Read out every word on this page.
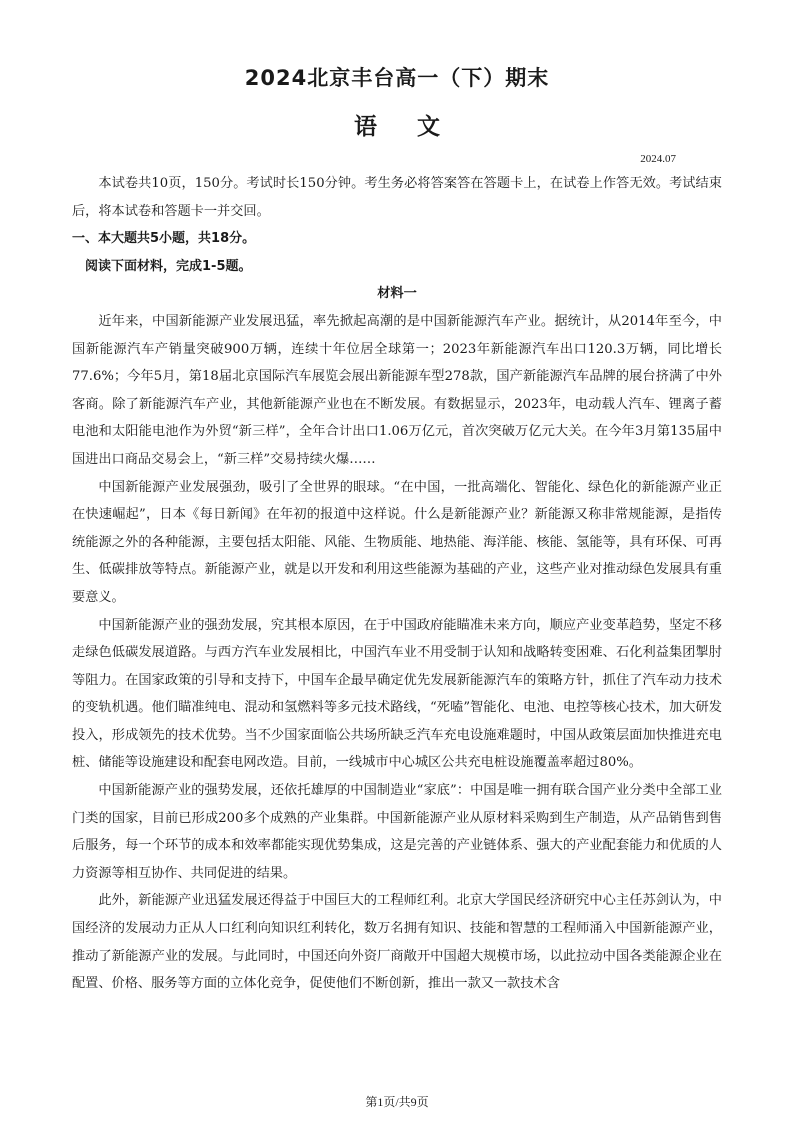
2024北京丰台高一（下）期末
语文
2024.07

本试卷共10页，150分。考试时长150分钟。考生务必将答案答在答题卡上，在试卷上作答无效。考试结束后，将本试卷和答题卡一并交回。

一、本大题共5小题，共18分。

阅读下面材料，完成1-5题。

材料一

近年来，中国新能源产业发展迅猛，率先掀起高潮的是中国新能源汽车产业。据统计，从2014年至今，中国新能源汽车产销量突破900万辆，连续十年位居全球第一；2023年新能源汽车出口120.3万辆，同比增长77.6%；今年5月，第18届北京国际汽车展览会展出新能源车型278款，国产新能源汽车品牌的展台挤满了中外客商。除了新能源汽车产业，其他新能源产业也在不断发展。有数据显示，2023年，电动载人汽车、锂离子蓄电池和太阳能电池作为外贸“新三样”，全年合计出口1.06万亿元，首次突破万亿元大关。在今年3月第135届中国进出口商品交易会上，“新三样”交易持续火爆……

中国新能源产业发展强劲，吸引了全世界的眼球。“在中国，一批高端化、智能化、绿色化的新能源产业正在快速崛起”，日本《每日新闻》在年初的报道中这样说。什么是新能源产业？新能源又称非常规能源，是指传统能源之外的各种能源，主要包括太阳能、风能、生物质能、地热能、海洋能、核能、氢能等，具有环保、可再生、低碳排放等特点。新能源产业，就是以开发和利用这些能源为基础的产业，这些产业对推动绿色发展具有重要意义。

中国新能源产业的强劲发展，究其根本原因，在于中国政府能瞄准未来方向，顺应产业变革趋势，坚定不移走绿色低碳发展道路。与西方汽车业发展相比，中国汽车业不用受制于认知和战略转变困难、石化利益集团掣肘等阻力。在国家政策的引导和支持下，中国车企最早确定优先发展新能源汽车的策略方针，抓住了汽车动力技术的变轨机遇。他们瞄准纯电、混动和氢燃料等多元技术路线，“死嗑”智能化、电池、电控等核心技术，加大研发投入，形成领先的技术优势。当不少国家面临公共场所缺乏汽车充电设施难题时，中国从政策层面加快推进充电桩、储能等设施建设和配套电网改造。目前，一线城市中心城区公共充电桩设施覆盖率超过80%。

中国新能源产业的强势发展，还依托雄厚的中国制造业“家底”：中国是唯一拥有联合国产业分类中全部工业门类的国家，目前已形成200多个成熟的产业集群。中国新能源产业从原材料采购到生产制造，从产品销售到售后服务，每一个环节的成本和效率都能实现优势集成，这是完善的产业链体系、强大的产业配套能力和优质的人力资源等相互协作、共同促进的结果。

此外，新能源产业迅猛发展还得益于中国巨大的工程师红利。北京大学国民经济研究中心主任苏剑认为，中国经济的发展动力正从人口红利向知识红利转化，数万名拥有知识、技能和智慧的工程师涌入中国新能源产业，推动了新能源产业的发展。与此同时，中国还向外资厂商敞开中国超大规模市场，以此拉动中国各类能源企业在配置、价格、服务等方面的立体化竞争，促使他们不断创新，推出一款又一款技术含

第1页/共9页
